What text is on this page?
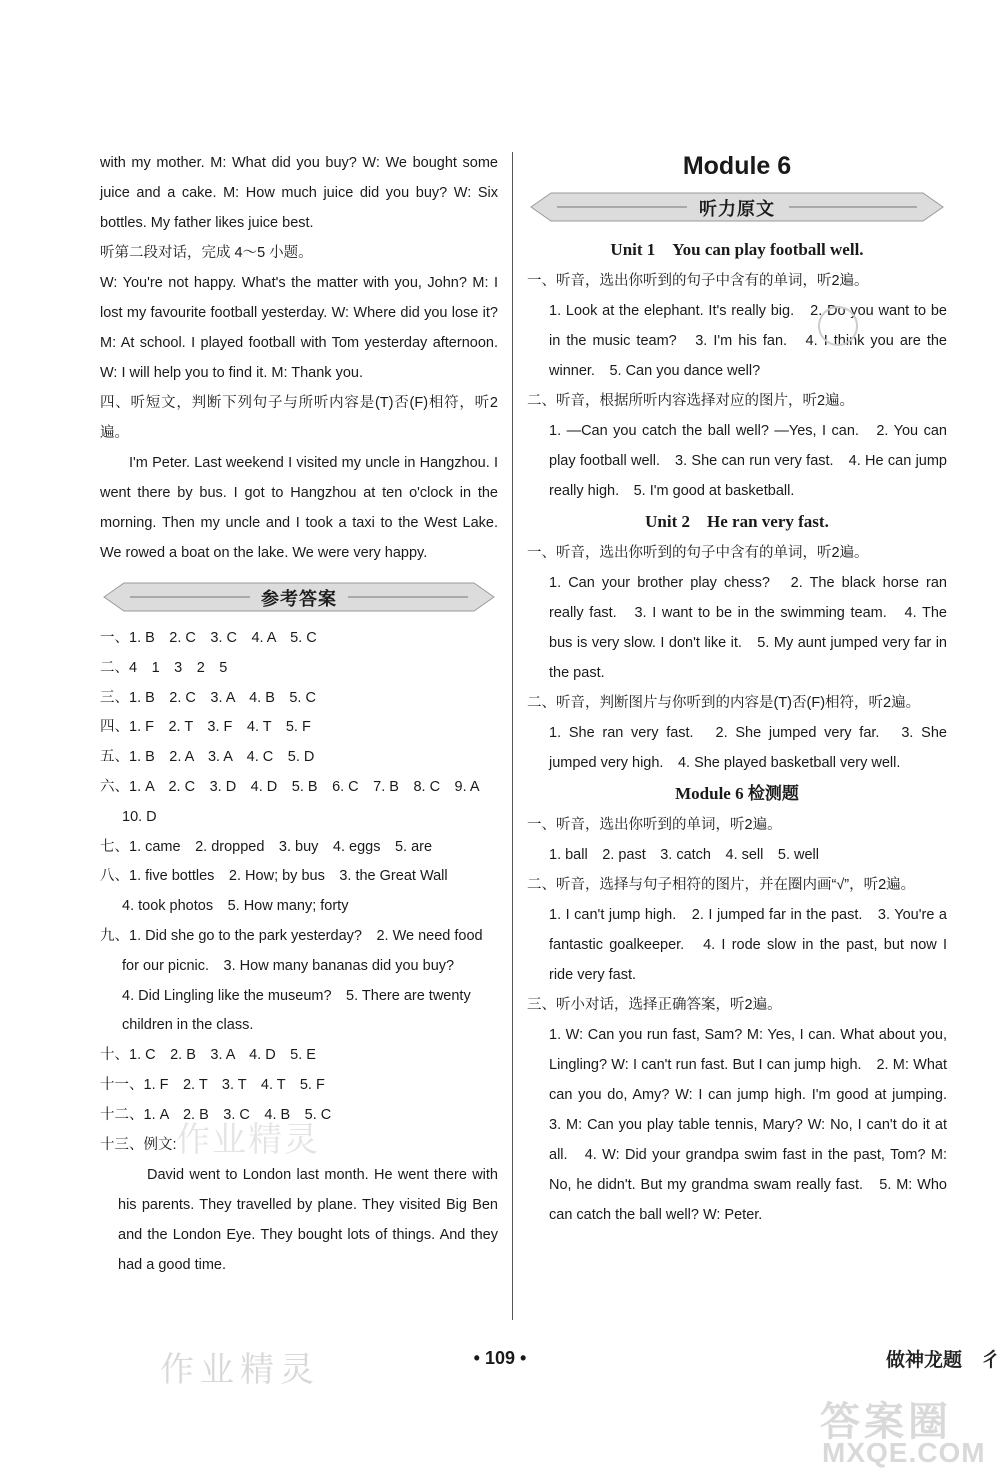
with my mother. M: What did you buy? W: We bought some juice and a cake. M: How much juice did you buy? W: Six bottles. My father likes juice best.

听第二段对话，完成 4～5 小题。

W: You're not happy. What's the matter with you, John? M: I lost my favourite football yesterday. W: Where did you lose it? M: At school. I played football with Tom yesterday afternoon. W: I will help you to find it. M: Thank you.

四、听短文，判断下列句子与所听内容是(T)否(F)相符，听2遍。

I'm Peter. Last weekend I visited my uncle in Hangzhou. I went there by bus. I got to Hangzhou at ten o'clock in the morning. Then my uncle and I took a taxi to the West Lake. We rowed a boat on the lake. We were very happy.

参考答案

一、1. B　2. C　3. C　4. A　5. C

二、4　1　3　2　5

三、1. B　2. C　3. A　4. B　5. C

四、1. F　2. T　3. F　4. T　5. F

五、1. B　2. A　3. A　4. C　5. D

六、1. A　2. C　3. D　4. D　5. B　6. C　7. B　8. C　9. A

10. D

七、1. came　2. dropped　3. buy　4. eggs　5. are

八、1. five bottles　2. How; by bus　3. the Great Wall

4. took photos　5. How many; forty

九、1. Did she go to the park yesterday?　2. We need food

for our picnic.　3. How many bananas did you buy?

4. Did Lingling like the museum?　5. There are twenty

children in the class.

十、1. C　2. B　3. A　4. D　5. E

十一、1. F　2. T　3. T　4. T　5. F

十二、1. A　2. B　3. C　4. B　5. C

十三、例文:

David went to London last month. He went there with his parents. They travelled by plane. They visited Big Ben and the London Eye. They bought lots of things. And they had a good time.

Module 6
听力原文
Unit 1　You can play football well.

一、听音，选出你听到的句子中含有的单词，听2遍。

1. Look at the elephant. It's really big.　2. Do you want to be in the music team?　3. I'm his fan.　4. I think you are the winner.　5. Can you dance well?

二、听音，根据所听内容选择对应的图片，听2遍。

1. —Can you catch the ball well? —Yes, I can.　2. You can play football well.　3. She can run very fast.　4. He can jump really high.　5. I'm good at basketball.

Unit 2　He ran very fast.

一、听音，选出你听到的句子中含有的单词，听2遍。

1. Can your brother play chess?　2. The black horse ran really fast.　3. I want to be in the swimming team.　4. The bus is very slow. I don't like it.　5. My aunt jumped very far in the past.

二、听音，判断图片与你听到的内容是(T)否(F)相符，听2遍。

1. She ran very fast.　2. She jumped very far.　3. She jumped very high.　4. She played basketball very well.

Module 6 检测题

一、听音，选出你听到的单词，听2遍。

1. ball　2. past　3. catch　4. sell　5. well

二、听音，选择与句子相符的图片，并在圈内画“√”，听2遍。

1. I can't jump high.　2. I jumped far in the past.　3. You're a fantastic goalkeeper.　4. I rode slow in the past, but now I ride very fast.

三、听小对话，选择正确答案，听2遍。

1. W: Can you run fast, Sam? M: Yes, I can. What about you, Lingling? W: I can't run fast. But I can jump high.　2. M: What can you do, Amy? W: I can jump high. I'm good at jumping.　3. M: Can you play table tennis, Mary? W: No, I can't do it at all.　4. W: Did your grandpa swim fast in the past, Tom? M: No, he didn't. But my grandma swam really fast.　5. M: Who can catch the ball well? W: Peter.

作业精灵
• 109 •
作业精灵	做神龙题　彳
答案圈
MXQE.COM
